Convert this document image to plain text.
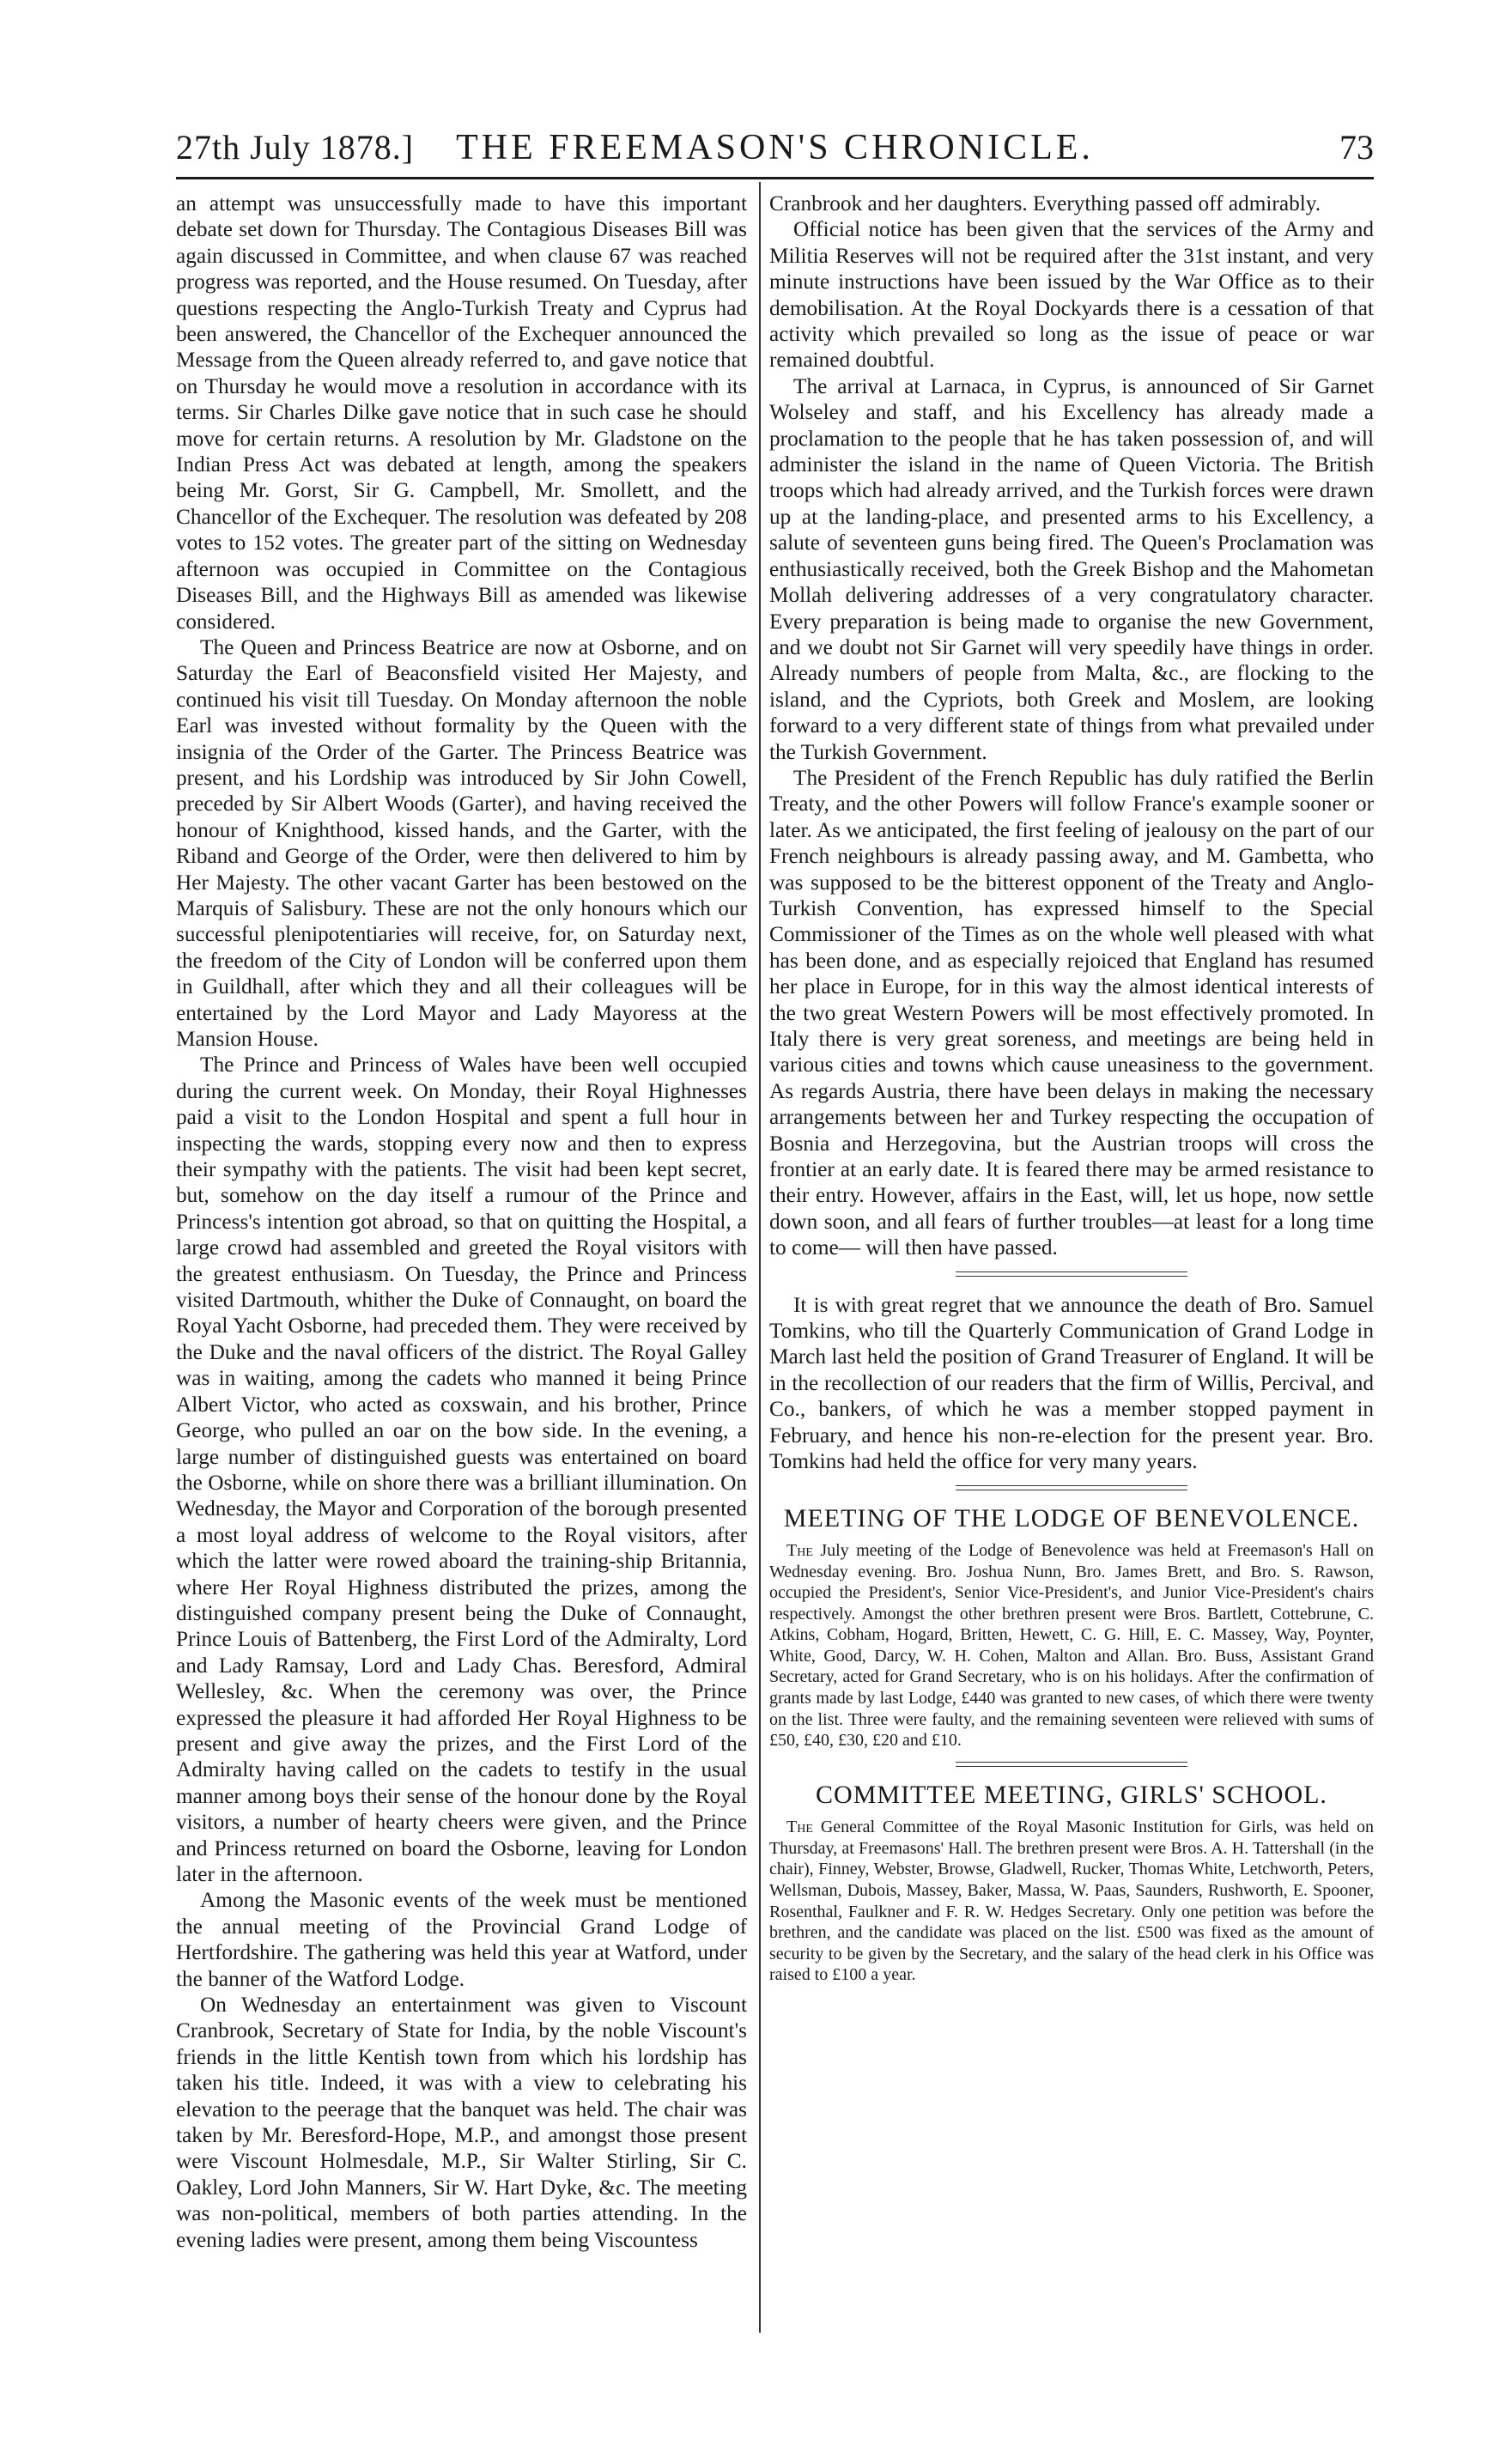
27th July 1878.]	THE FREEMASON'S CHRONICLE.	73

an attempt was unsuccessfully made to have this important debate set down for Thursday. The Contagious Diseases Bill was again discussed in Committee, and when clause 67 was reached progress was reported, and the House resumed. On Tuesday, after questions respecting the Anglo-Turkish Treaty and Cyprus had been answered, the Chancellor of the Exchequer announced the Message from the Queen already referred to, and gave notice that on Thursday he would move a resolution in accordance with its terms. Sir Charles Dilke gave notice that in such case he should move for certain returns. A resolution by Mr. Gladstone on the Indian Press Act was debated at length, among the speakers being Mr. Gorst, Sir G. Campbell, Mr. Smollett, and the Chancellor of the Exchequer. The resolution was defeated by 208 votes to 152 votes. The greater part of the sitting on Wednesday afternoon was occupied in Committee on the Contagious Diseases Bill, and the Highways Bill as amended was likewise considered.

The Queen and Princess Beatrice are now at Osborne, and on Saturday the Earl of Beaconsfield visited Her Majesty, and continued his visit till Tuesday. On Monday afternoon the noble Earl was invested without formality by the Queen with the insignia of the Order of the Garter. The Princess Beatrice was present, and his Lordship was introduced by Sir John Cowell, preceded by Sir Albert Woods (Garter), and having received the honour of Knighthood, kissed hands, and the Garter, with the Riband and George of the Order, were then delivered to him by Her Majesty. The other vacant Garter has been bestowed on the Marquis of Salisbury. These are not the only honours which our successful plenipotentiaries will receive, for, on Saturday next, the freedom of the City of London will be conferred upon them in Guildhall, after which they and all their colleagues will be entertained by the Lord Mayor and Lady Mayoress at the Mansion House.

The Prince and Princess of Wales have been well occupied during the current week. On Monday, their Royal Highnesses paid a visit to the London Hospital and spent a full hour in inspecting the wards, stopping every now and then to express their sympathy with the patients. The visit had been kept secret, but, somehow on the day itself a rumour of the Prince and Princess's intention got abroad, so that on quitting the Hospital, a large crowd had assembled and greeted the Royal visitors with the greatest enthusiasm. On Tuesday, the Prince and Princess visited Dartmouth, whither the Duke of Connaught, on board the Royal Yacht Osborne, had preceded them. They were received by the Duke and the naval officers of the district. The Royal Galley was in waiting, among the cadets who manned it being Prince Albert Victor, who acted as coxswain, and his brother, Prince George, who pulled an oar on the bow side. In the evening, a large number of distinguished guests was entertained on board the Osborne, while on shore there was a brilliant illumination. On Wednesday, the Mayor and Corporation of the borough presented a most loyal address of welcome to the Royal visitors, after which the latter were rowed aboard the training-ship Britannia, where Her Royal Highness distributed the prizes, among the distinguished company present being the Duke of Connaught, Prince Louis of Battenberg, the First Lord of the Admiralty, Lord and Lady Ramsay, Lord and Lady Chas. Beresford, Admiral Wellesley, &c. When the ceremony was over, the Prince expressed the pleasure it had afforded Her Royal Highness to be present and give away the prizes, and the First Lord of the Admiralty having called on the cadets to testify in the usual manner among boys their sense of the honour done by the Royal visitors, a number of hearty cheers were given, and the Prince and Princess returned on board the Osborne, leaving for London later in the afternoon.

Among the Masonic events of the week must be mentioned the annual meeting of the Provincial Grand Lodge of Hertfordshire. The gathering was held this year at Watford, under the banner of the Watford Lodge.

On Wednesday an entertainment was given to Viscount Cranbrook, Secretary of State for India, by the noble Viscount's friends in the little Kentish town from which his lordship has taken his title. Indeed, it was with a view to celebrating his elevation to the peerage that the banquet was held. The chair was taken by Mr. Beresford-Hope, M.P., and amongst those present were Viscount Holmesdale, M.P., Sir Walter Stirling, Sir C. Oakley, Lord John Manners, Sir W. Hart Dyke, &c. The meeting was non-political, members of both parties attending. In the evening ladies were present, among them being Viscountess

Cranbrook and her daughters. Everything passed off admirably.

Official notice has been given that the services of the Army and Militia Reserves will not be required after the 31st instant, and very minute instructions have been issued by the War Office as to their demobilisation. At the Royal Dockyards there is a cessation of that activity which prevailed so long as the issue of peace or war remained doubtful.

The arrival at Larnaca, in Cyprus, is announced of Sir Garnet Wolseley and staff, and his Excellency has already made a proclamation to the people that he has taken possession of, and will administer the island in the name of Queen Victoria. The British troops which had already arrived, and the Turkish forces were drawn up at the landing-place, and presented arms to his Excellency, a salute of seventeen guns being fired. The Queen's Proclamation was enthusiastically received, both the Greek Bishop and the Mahometan Mollah delivering addresses of a very congratulatory character. Every preparation is being made to organise the new Government, and we doubt not Sir Garnet will very speedily have things in order. Already numbers of people from Malta, &c., are flocking to the island, and the Cypriots, both Greek and Moslem, are looking forward to a very different state of things from what prevailed under the Turkish Government.

The President of the French Republic has duly ratified the Berlin Treaty, and the other Powers will follow France's example sooner or later. As we anticipated, the first feeling of jealousy on the part of our French neighbours is already passing away, and M. Gambetta, who was supposed to be the bitterest opponent of the Treaty and Anglo-Turkish Convention, has expressed himself to the Special Commissioner of the Times as on the whole well pleased with what has been done, and as especially rejoiced that England has resumed her place in Europe, for in this way the almost identical interests of the two great Western Powers will be most effectively promoted. In Italy there is very great soreness, and meetings are being held in various cities and towns which cause uneasiness to the government. As regards Austria, there have been delays in making the necessary arrangements between her and Turkey respecting the occupation of Bosnia and Herzegovina, but the Austrian troops will cross the frontier at an early date. It is feared there may be armed resistance to their entry. However, affairs in the East, will, let us hope, now settle down soon, and all fears of further troubles—at least for a long time to come— will then have passed.

It is with great regret that we announce the death of Bro. Samuel Tomkins, who till the Quarterly Communication of Grand Lodge in March last held the position of Grand Treasurer of England. It will be in the recollection of our readers that the firm of Willis, Percival, and Co., bankers, of which he was a member stopped payment in February, and hence his non-re-election for the present year. Bro. Tomkins had held the office for very many years.

MEETING OF THE LODGE OF BENEVOLENCE.

The July meeting of the Lodge of Benevolence was held at Freemason's Hall on Wednesday evening. Bro. Joshua Nunn, Bro. James Brett, and Bro. S. Rawson, occupied the President's, Senior Vice-President's, and Junior Vice-President's chairs respectively. Amongst the other brethren present were Bros. Bartlett, Cottebrune, C. Atkins, Cobham, Hogard, Britten, Hewett, C. G. Hill, E. C. Massey, Way, Poynter, White, Good, Darcy, W. H. Cohen, Malton and Allan. Bro. Buss, Assistant Grand Secretary, acted for Grand Secretary, who is on his holidays. After the confirmation of grants made by last Lodge, £440 was granted to new cases, of which there were twenty on the list. Three were faulty, and the remaining seventeen were relieved with sums of £50, £40, £30, £20 and £10.

COMMITTEE MEETING, GIRLS' SCHOOL.

The General Committee of the Royal Masonic Institution for Girls, was held on Thursday, at Freemasons' Hall. The brethren present were Bros. A. H. Tattershall (in the chair), Finney, Webster, Browse, Gladwell, Rucker, Thomas White, Letchworth, Peters, Wellsman, Dubois, Massey, Baker, Massa, W. Paas, Saunders, Rushworth, E. Spooner, Rosenthal, Faulkner and F. R. W. Hedges Secretary. Only one petition was before the brethren, and the candidate was placed on the list. £500 was fixed as the amount of security to be given by the Secretary, and the salary of the head clerk in his Office was raised to £100 a year.
